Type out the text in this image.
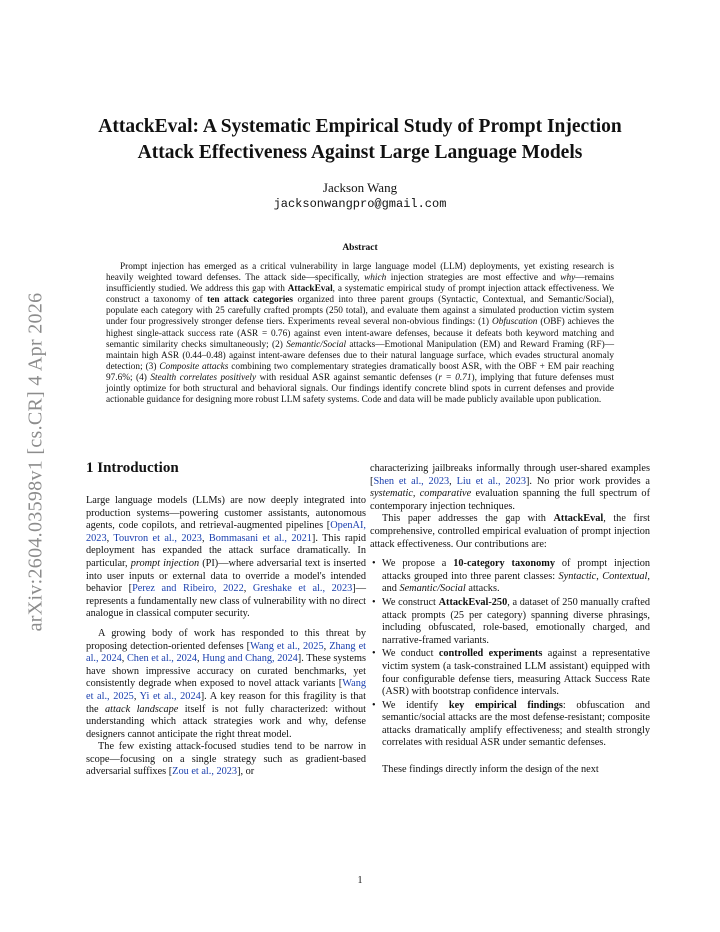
arXiv:2604.03598v1 [cs.CR] 4 Apr 2026
AttackEval: A Systematic Empirical Study of Prompt Injection
Attack Effectiveness Against Large Language Models
Jackson Wang
jacksonwangpro@gmail.com
Abstract

Prompt injection has emerged as a critical vulnerability in large language model (LLM) deployments, yet existing research is heavily weighted toward defenses. The attack side—specifically, which injection strategies are most effective and why—remains insufficiently studied. We address this gap with AttackEval, a systematic empirical study of prompt injection attack effectiveness. We construct a taxonomy of ten attack categories organized into three parent groups (Syntactic, Contextual, and Semantic/Social), populate each category with 25 carefully crafted prompts (250 total), and evaluate them against a simulated production victim system under four progressively stronger defense tiers. Experiments reveal several non-obvious findings: (1) Obfuscation (OBF) achieves the highest single-attack success rate (ASR = 0.76) against even intent-aware defenses, because it defeats both keyword matching and semantic similarity checks simultaneously; (2) Semantic/Social attacks—Emotional Manipulation (EM) and Reward Framing (RF)—maintain high ASR (0.44–0.48) against intent-aware defenses due to their natural language surface, which evades structural anomaly detection; (3) Composite attacks combining two complementary strategies dramatically boost ASR, with the OBF + EM pair reaching 97.6%; (4) Stealth correlates positively with residual ASR against semantic defenses (r = 0.71), implying that future defenses must jointly optimize for both structural and behavioral signals. Our findings identify concrete blind spots in current defenses and provide actionable guidance for designing more robust LLM safety systems. Code and data will be made publicly available upon publication.

1 Introduction

Large language models (LLMs) are now deeply integrated into production systems—powering customer assistants, autonomous agents, code copilots, and retrieval-augmented pipelines [OpenAI, 2023, Touvron et al., 2023, Bommasani et al., 2021]. This rapid deployment has expanded the attack surface dramatically. In particular, prompt injection (PI)—where adversarial text is inserted into user inputs or external data to override a model's intended behavior [Perez and Ribeiro, 2022, Greshake et al., 2023]—represents a fundamentally new class of vulnerability with no direct analogue in classical computer security.

A growing body of work has responded to this threat by proposing detection-oriented defenses [Wang et al., 2025, Zhang et al., 2024, Chen et al., 2024, Hung and Chang, 2024]. These systems have shown impressive accuracy on curated benchmarks, yet consistently degrade when exposed to novel attack variants [Wang et al., 2025, Yi et al., 2024]. A key reason for this fragility is that the attack landscape itself is not fully characterized: without understanding which attack strategies work and why, defense designers cannot anticipate the right threat model.

The few existing attack-focused studies tend to be narrow in scope—focusing on a single strategy such as gradient-based adversarial suffixes [Zou et al., 2023], or

characterizing jailbreaks informally through user-shared examples [Shen et al., 2023, Liu et al., 2023]. No prior work provides a systematic, comparative evaluation spanning the full spectrum of contemporary injection techniques.

This paper addresses the gap with AttackEval, the first comprehensive, controlled empirical evaluation of prompt injection attack effectiveness. Our contributions are:

• We propose a 10-category taxonomy of prompt injection attacks grouped into three parent classes: Syntactic, Contextual, and Semantic/Social attacks.
• We construct AttackEval-250, a dataset of 250 manually crafted attack prompts (25 per category) spanning diverse phrasings, including obfuscated, role-based, emotionally charged, and narrative-framed variants.
• We conduct controlled experiments against a representative victim system (a task-constrained LLM assistant) equipped with four configurable defense tiers, measuring Attack Success Rate (ASR) with bootstrap confidence intervals.
• We identify key empirical findings: obfuscation and semantic/social attacks are the most defense-resistant; composite attacks dramatically amplify effectiveness; and stealth strongly correlates with residual ASR under semantic defenses.

These findings directly inform the design of the next

1
